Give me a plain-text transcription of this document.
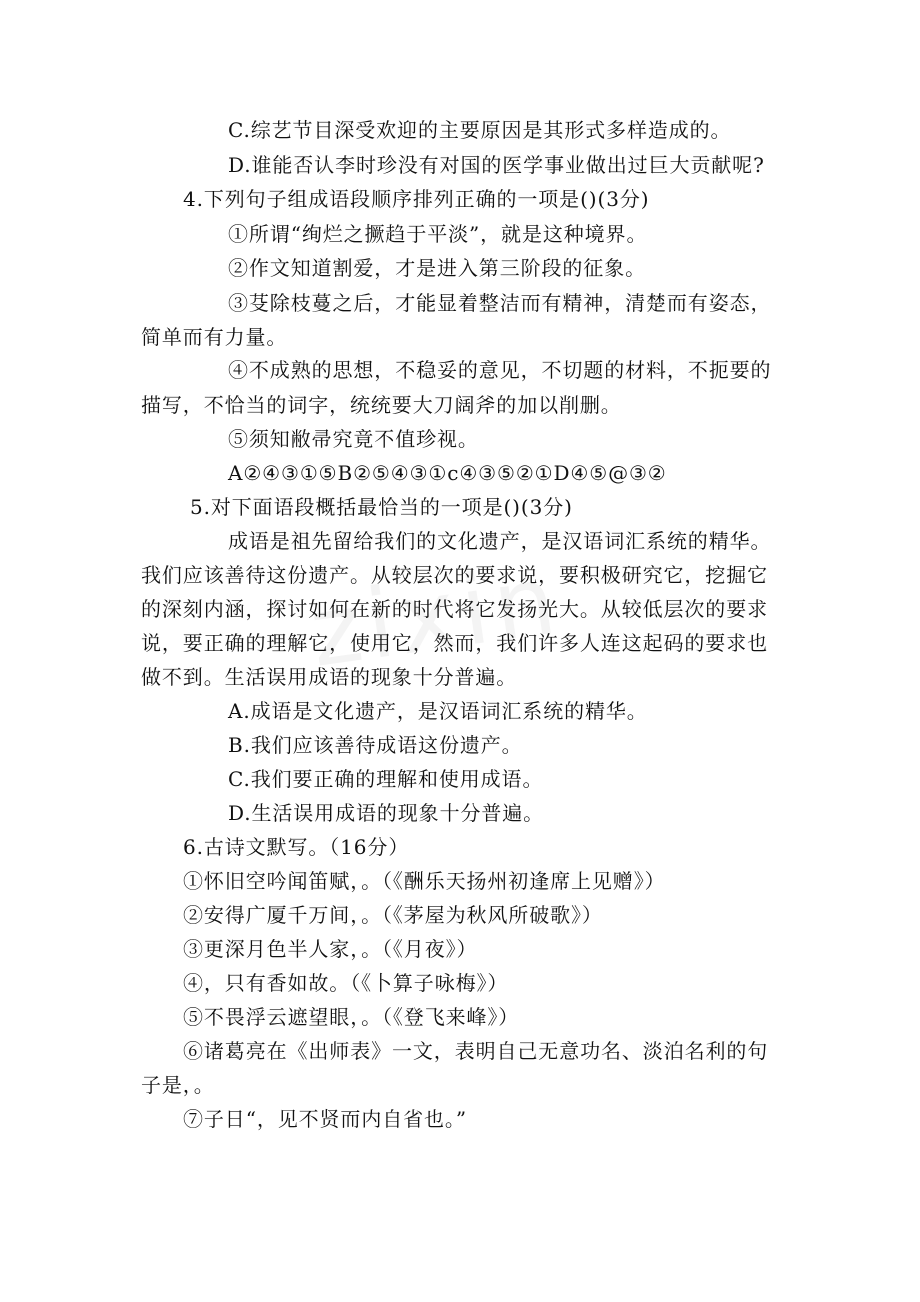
C.综艺节目深受欢迎的主要原因是其形式多样造成的。
D.谁能否认李时珍没有对国的医学事业做出过巨大贡献呢?
4.下列句子组成语段顺序排列正确的一项是()(3分)
①所谓“绚烂之撅趋于平淡”，就是这种境界。
②作文知道割爱，才是进入第三阶段的征象。
③芟除枝蔓之后，才能显着整洁而有精神，清楚而有姿态，
简单而有力量。
④不成熟的思想，不稳妥的意见，不切题的材料，不扼要的
描写，不恰当的词字，统统要大刀阔斧的加以削删。
⑤须知敝帚究竟不值珍视。
A②④③①⑤B②⑤④③①c④③⑤②①D④⑤@③②
5.对下面语段概括最恰当的一项是()(3分)
成语是祖先留给我们的文化遗产，是汉语词汇系统的精华。
我们应该善待这份遗产。从较层次的要求说，要积极研究它，挖掘它
的深刻内涵，探讨如何在新的时代将它发扬光大。从较低层次的要求
说，要正确的理解它，使用它，然而，我们许多人连这起码的要求也
做不到。生活误用成语的现象十分普遍。
A.成语是文化遗产，是汉语词汇系统的精华。
B.我们应该善待成语这份遗产。
C.我们要正确的理解和使用成语。
D.生活误用成语的现象十分普遍。
6.古诗文默写。（16分）
①怀旧空吟闻笛赋，。（《酬乐天扬州初逢席上见赠》）
②安得广厦千万间，。（《茅屋为秋风所破歌》）
③更深月色半人家，。（《月夜》）
④，只有香如故。（《卜算子咏梅》）
⑤不畏浮云遮望眼，。（《登飞来峰》）
⑥诸葛亮在《出师表》一文，表明自己无意功名、淡泊名利的句
子是，。
⑦子日“，见不贤而内自省也。”
